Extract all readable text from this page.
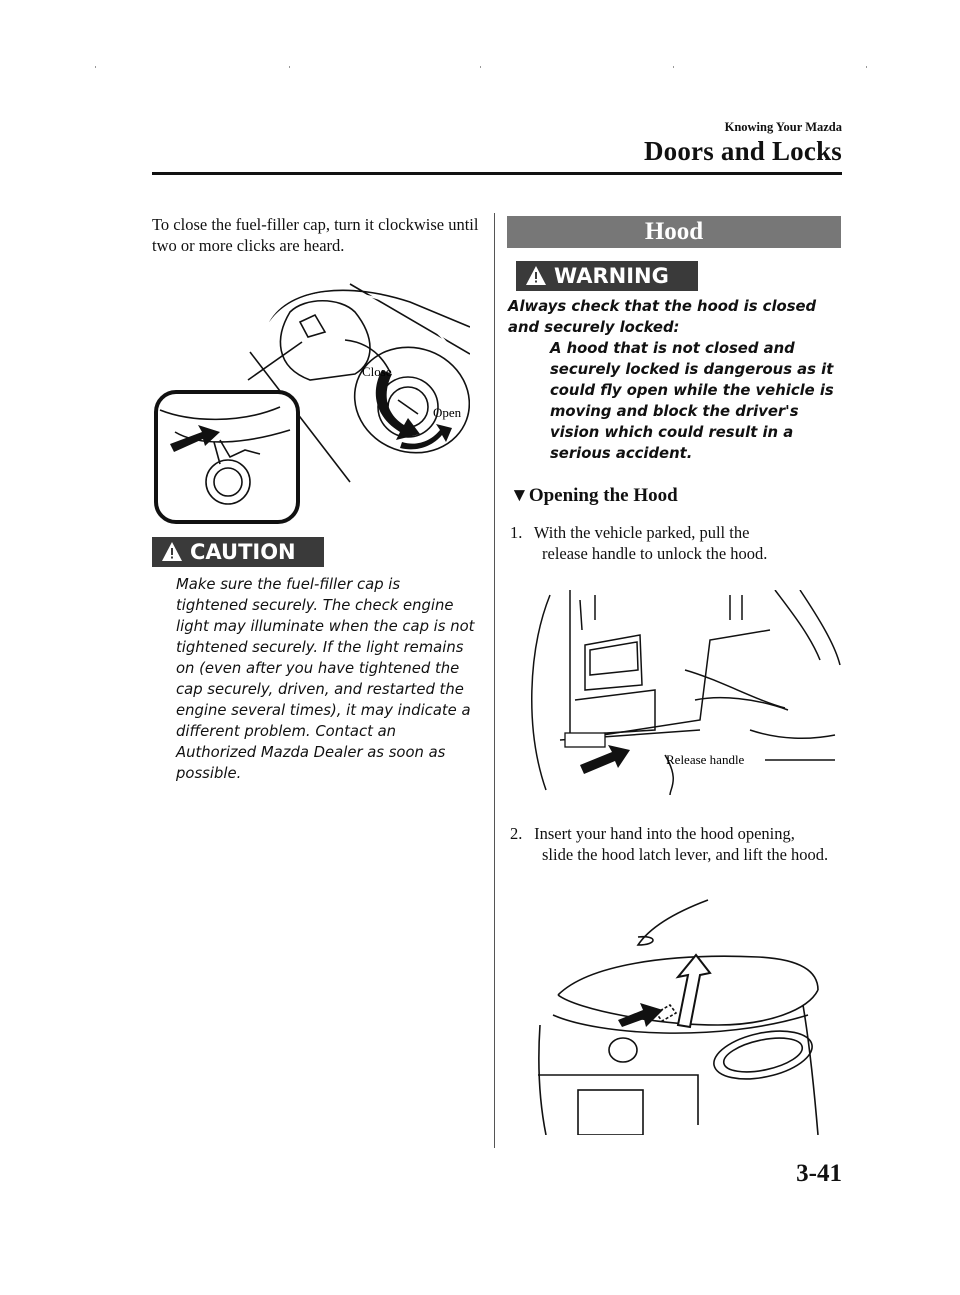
Knowing Your Mazda
Doors and Locks
To close the fuel-filler cap, turn it clockwise until two or more clicks are heard.
Close
Open
CAUTION
Make sure the fuel-filler cap is tightened securely. The check engine light may illuminate when the cap is not tightened securely. If the light remains on (even after you have tightened the cap securely, driven, and restarted the engine several times), it may indicate a different problem. Contact an Authorized Mazda Dealer as soon as possible.
Hood
WARNING
Always check that the hood is closed and securely locked:
A hood that is not closed and securely locked is dangerous as it could fly open while the vehicle is moving and block the driver's vision which could result in a serious accident.
▼Opening the Hood
1. With the vehicle parked, pull the
release handle to unlock the hood.
Release handle
2. Insert your hand into the hood opening,
slide the hood latch lever, and lift the hood.
3-41
